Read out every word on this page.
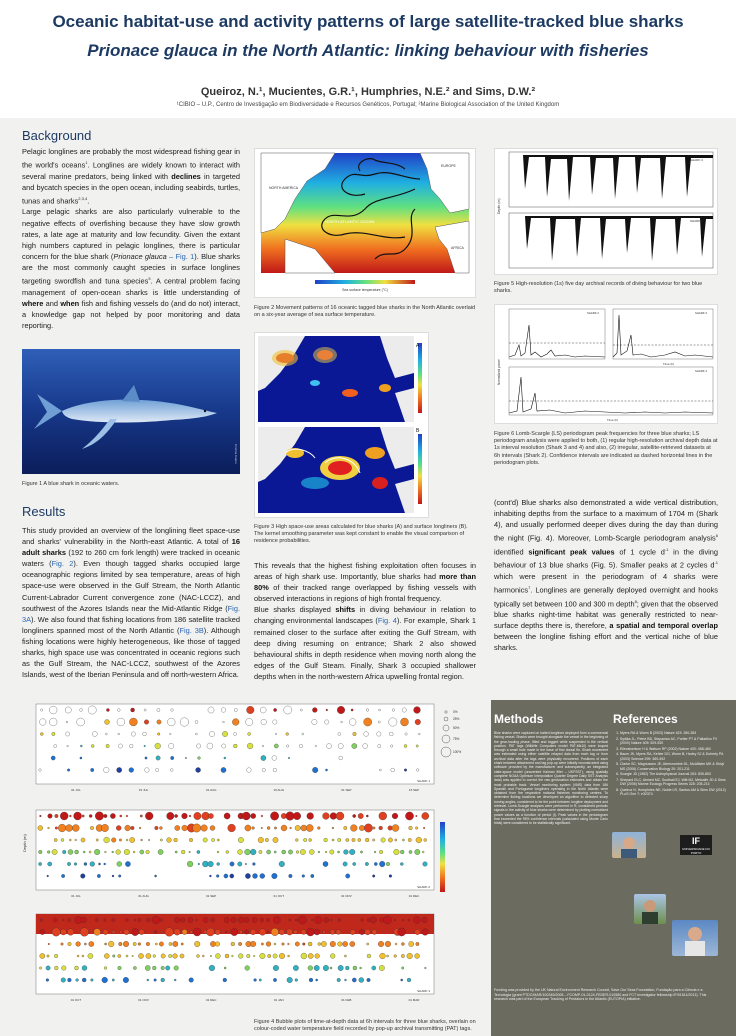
Oceanic habitat-use and activity patterns of large satellite-tracked blue sharks
Prionace glauca in the North Atlantic: linking behaviour with fisheries
Queiroz, N.¹, Mucientes, G.R.¹, Humphries, N.E.² and Sims, D.W.²
¹CIBIO – U.P., Centro de Investigação em Biodiversidade e Recursos Genéticos, Portugal; ²Marine Biological Association of the United Kingdom
Background

Pelagic longlines are probably the most widespread fishing gear in the world's oceans$^1$. Longlines are widely known to interact with several marine predators, being linked with declines in targeted and bycatch species in the open ocean, including seabirds, turtles, tunas and sharks$^{2,3,4}$.

Large pelagic sharks are also particularly vulnerable to the negative effects of overfishing because they have slow growth rates, a late age at maturity and low fecundity. Given the extant high numbers captured in pelagic longlines, there is particular concern for the blue shark (Prionace glauca – Fig. 1). Blue sharks are the most commonly caught species in surface longlines targeting swordfish and tuna species$^5$. A central problem facing management of open-ocean sharks is little understanding of where and when fish and fishing vessels do (and do not) interact, a knowledge gap not helped by poor monitoring and data reporting.

Cristina Calero
Figure 1 A blue shark in oceanic waters.
Results

This study provided an overview of the longlining fleet space-use and sharks' vulnerability in the North-east Atlantic. A total of 16 adult sharks (192 to 260 cm fork length) were tracked in oceanic waters (Fig. 2). Even though tagged sharks occupied large oceanographic regions limited by sea temperature, areas of high space-use were observed in the Gulf Stream, the North Atlantic Current-Labrador Current convergence zone (NAC-LCCZ), and southwest of the Azores Islands near the Mid-Atlantic Ridge (Fig. 3A). We also found that fishing locations from 186 satellite tracked longliners spanned most of the North Atlantic (Fig. 3B). Although fishing locations were highly heterogeneous, like those of tagged sharks, high space use was concentrated in oceanic regions such as the Gulf Stream, the NAC-LCCZ, southwest of the Azores Islands, west of the Iberian Peninsula and off north-western Africa.

NORTH ATLANTIC OCEAN
EUROPE
NORTH AMERICA
AFRICA
Sea surface temperature (°C)
Figure 2 Movement patterns of 16 oceanic tagged blue sharks in the North Atlantic overlaid on a six-year average of sea surface temperature.
A
B
Figure 3 High space-use areas calculated for blue sharks (A) and surface longliners (B). The kernel smoothing parameter was kept constant to enable the visual comparison of residence probabilities.

This reveals that the highest fishing exploitation often focuses in areas of high shark use. Importantly, blue sharks had more than 80% of their tracked range overlapped by fishing vessels with observed interactions in regions of high frontal frequency.

Blue sharks displayed shifts in diving behaviour in relation to changing environmental landscapes (Fig. 4). For example, Shark 1 remained closer to the surface after exiting the Gulf Stream, with deep diving resuming on entrance; Shark 2 also showed behavioural shifts in depth residence when moving north along the edges of the Gulf Steam. Finally, Shark 3 occupied shallower depths when in the north-western Africa upwelling frontal region.

Depth (m)
SHARK 4
SHARK 5
Figure 5 High-resolution (1s) five day archival records of diving behaviour for two blue sharks.
Normalized power	Time (h)
Time (h)
SHARK 2	SHARK 3
SHARK 4
Figure 6 Lomb-Scargle (LS) periodogram peak frequencies for three blue sharks; LS periodogram analysis were applied to both, (1) regular high-resolution archival depth data at 1s interval resolution (Shark 3 and 4) and also, (2) irregular, satellite-retrieved datasets at 6h intervals (Shark 2). Confidence intervals are indicated as dashed horizontal lines in the periodogram plots.

(cont'd) Blue sharks also demonstrated a wide vertical distribution, inhabiting depths from the surface to a maximum of 1704 m (Shark 4), and usually performed deeper dives during the day than during the night (Fig. 4). Moreover, Lomb-Scargle periodogram analysis$^6$ identified significant peak values of 1 cycle $d^{-1}$ in the diving behaviour of 13 blue sharks (Fig. 5). Smaller peaks at 2 cycles $d^{-1}$ which were present in the periodogram of 4 sharks were harmonics$^7$. Longlines are generally deployed overnight and hooks typically set between 100 and 300 m depth$^8$; given that the observed blue sharks night-time habitat was generally restricted to near-surface depths there is, therefore, a spatial and temporal overlap between the longline fishing effort and the vertical niche of blue sharks.

Depth (m)
01 JUL	15 JUL	01 AUG	15 AUG	01 SEP	15 SEP
SHARK 1
01 JUL	01 AUG	01 SEP	01 OCT	01 NOV	01 DEC
SHARK 2
01 OCT	01 NOV	01 DEC	01 JAN	01 FEB	01 MAR
SHARK 3
0%
25%
50%
75%
100%
Figure 4 Bubble plots of time-at-depth data at 6h intervals for three blue sharks, overlain on colour-coded water temperature field recorded by pop-up archival transmitting (PAT) tags.
Methods
Blue sharks were captured on baited longlines deployed from a commercial fishing vessel. Sharks were brought alongside the vessel in the beginning of the gear-hauling phase, lifted and tagged while suspended in the vertical position. PAT tags (Wildlife Computers model PAT-Mk10) were looped through a small hole made in the base of first dorsal fin. Shark movement was estimated using either satellite relayed data from each tag or from archival data after the tags were physically recovered. Positions of each shark between attachment and tag pop-up were initially reconstructed using software provided by the manufacturer and subsequently, an integrated state-space model (unscented Kalman filter – UKFSST), using spatially complete NOAA Optimum Interpolation Quarter Degree Daily SST Analysis data) was applied to correct the raw geolocation estimates and obtain the most probable track. Vessel monitoring system (VMS) data from 186 Spanish and Portuguese longliners operating in the North Atlantic were obtained from the respective national fisheries monitoring centres. To determine fishing locations we developed an algorithm to detected sharp turning angles, considered to be the point between longline deployment and retrieval. Lomb-Scargle analyses were performed in R; considered periodic signals in the activity of blue sharks were determined by plotting normalized power values as a function of period (f). Peak values in the periodogram that exceeded the 95% confidence intervals (calculated using Monte Carlo trials) were considered to be statistically significant.
References
1. Myers RA & Worm B (2003) Nature 423: 280-283
2. Sydika JL, Petrie BD, Stepanian AC, Portier PT & Palladino FV (2000) Nature 405: 529-530
3. Ellenstomtum H & Watson RP (2002) Nature 400: 458-460
4. Baum JK, Myers RA, Kehler DG, Worm B, Harley SJ & Doherty PA (2003) Science 299: 389-392
5. Clarke SC, Magnussen JE, Abercrombie DL, McAllister MK & Shivji MS (2006) Conservation Biology 20: 201-211
6. Scargle JD (1982) The Astrophysical Journal 263: 835-853
7. Shepard ELC, Ahmed MZ, Southall EJ, Witt MJ, Metcalfe JD & Sims DW (2006) Marine Ecology Progress Series 328: 205-213
8. Queiroz N, Humphries NE, Noble LR, Santos AM & Sims DW (2012) PLoS One 7: e32374
IF
UNIVERSIDADE DO PORTO
Funding was provided by the UK Natural Environment Research Council, Save Our Seas Foundation, Fundação para a Ciência e a Tecnologia (grant PTDC/MAR/100345/2008 – FCOMP-01-0124-FEDER-010580 and FCT Investigator fellowship IF/01611/2013). This research was part of the European Tracking of Predators in the Atlantic (EUTOPIA) initiative.
